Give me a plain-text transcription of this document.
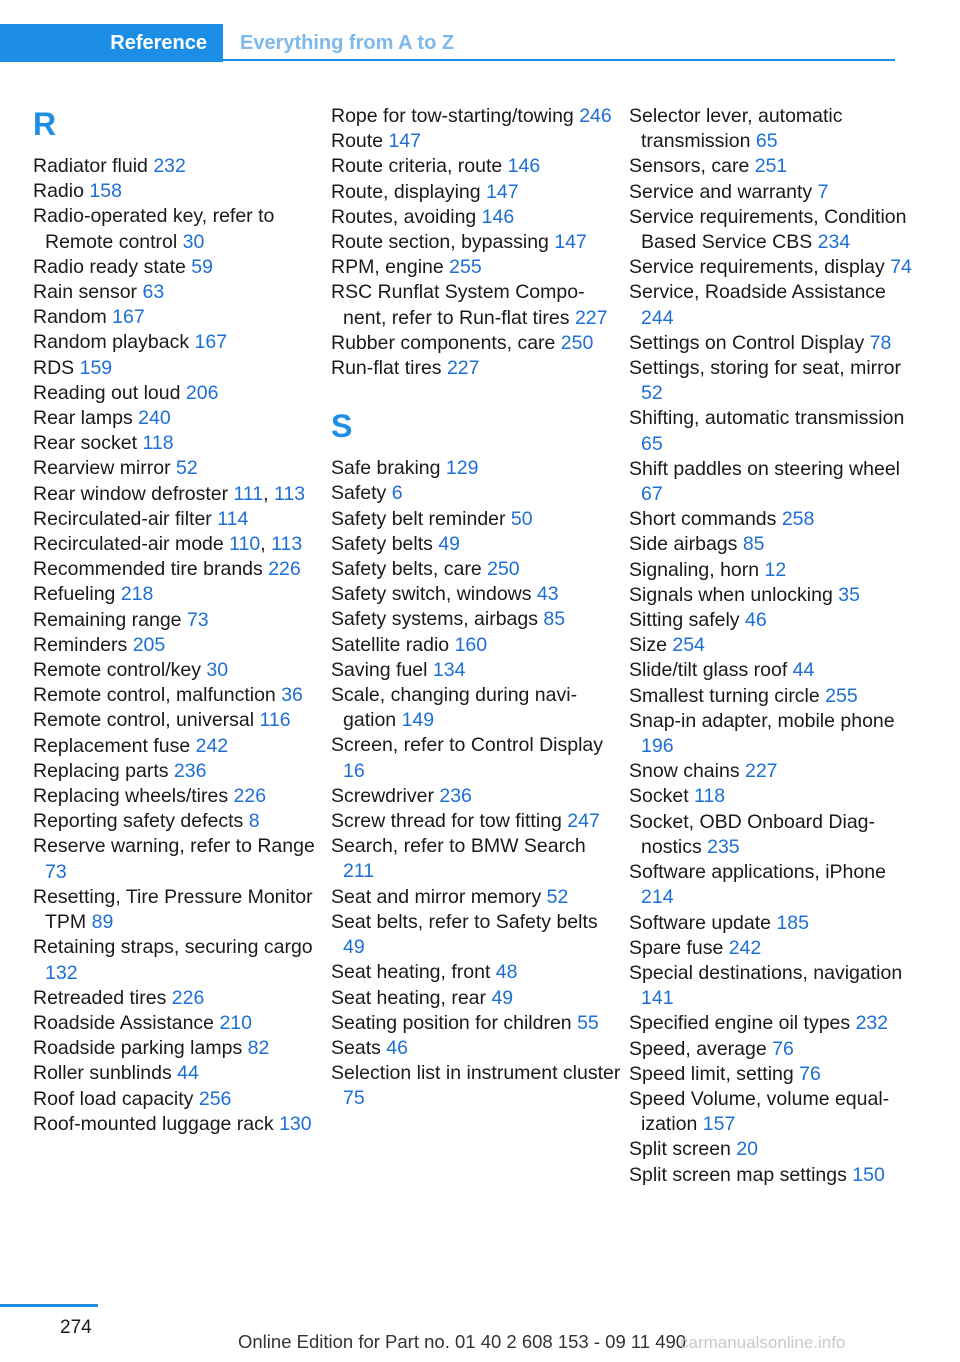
Reference	Everything from A to Z
R
Radiator fluid 232
Radio 158
Radio-operated key, refer to Remote control 30
Radio ready state 59
Rain sensor 63
Random 167
Random playback 167
RDS 159
Reading out loud 206
Rear lamps 240
Rear socket 118
Rearview mirror 52
Rear window defroster 111, 113
Recirculated-air filter 114
Recirculated-air mode 110, 113
Recommended tire brands 226
Refueling 218
Remaining range 73
Reminders 205
Remote control/key 30
Remote control, malfunction 36
Remote control, universal 116
Replacement fuse 242
Replacing parts 236
Replacing wheels/tires 226
Reporting safety defects 8
Reserve warning, refer to Range 73
Resetting, Tire Pressure Monitor TPM 89
Retaining straps, securing cargo 132
Retreaded tires 226
Roadside Assistance 210
Roadside parking lamps 82
Roller sunblinds 44
Roof load capacity 256
Roof-mounted luggage rack 130
Rope for tow-starting/towing 246
Route 147
Route criteria, route 146
Route, displaying 147
Routes, avoiding 146
Route section, bypassing 147
RPM, engine 255
RSC Runflat System Component, refer to Run-flat tires 227
Rubber components, care 250
Run-flat tires 227
S
Safe braking 129
Safety 6
Safety belt reminder 50
Safety belts 49
Safety belts, care 250
Safety switch, windows 43
Safety systems, airbags 85
Satellite radio 160
Saving fuel 134
Scale, changing during navigation 149
Screen, refer to Control Display 16
Screwdriver 236
Screw thread for tow fitting 247
Search, refer to BMW Search 211
Seat and mirror memory 52
Seat belts, refer to Safety belts 49
Seat heating, front 48
Seat heating, rear 49
Seating position for children 55
Seats 46
Selection list in instrument cluster 75
Selector lever, automatic transmission 65
Sensors, care 251
Service and warranty 7
Service requirements, Condition Based Service CBS 234
Service requirements, display 74
Service, Roadside Assistance 244
Settings on Control Display 78
Settings, storing for seat, mirror 52
Shifting, automatic transmission 65
Shift paddles on steering wheel 67
Short commands 258
Side airbags 85
Signaling, horn 12
Signals when unlocking 35
Sitting safely 46
Size 254
Slide/tilt glass roof 44
Smallest turning circle 255
Snap-in adapter, mobile phone 196
Snow chains 227
Socket 118
Socket, OBD Onboard Diagnostics 235
Software applications, iPhone 214
Software update 185
Spare fuse 242
Special destinations, navigation 141
Specified engine oil types 232
Speed, average 76
Speed limit, setting 76
Speed Volume, volume equalization 157
Split screen 20
Split screen map settings 150
274
Online Edition for Part no. 01 40 2 608 153 - 09 11 490
carmanualsonline.info
